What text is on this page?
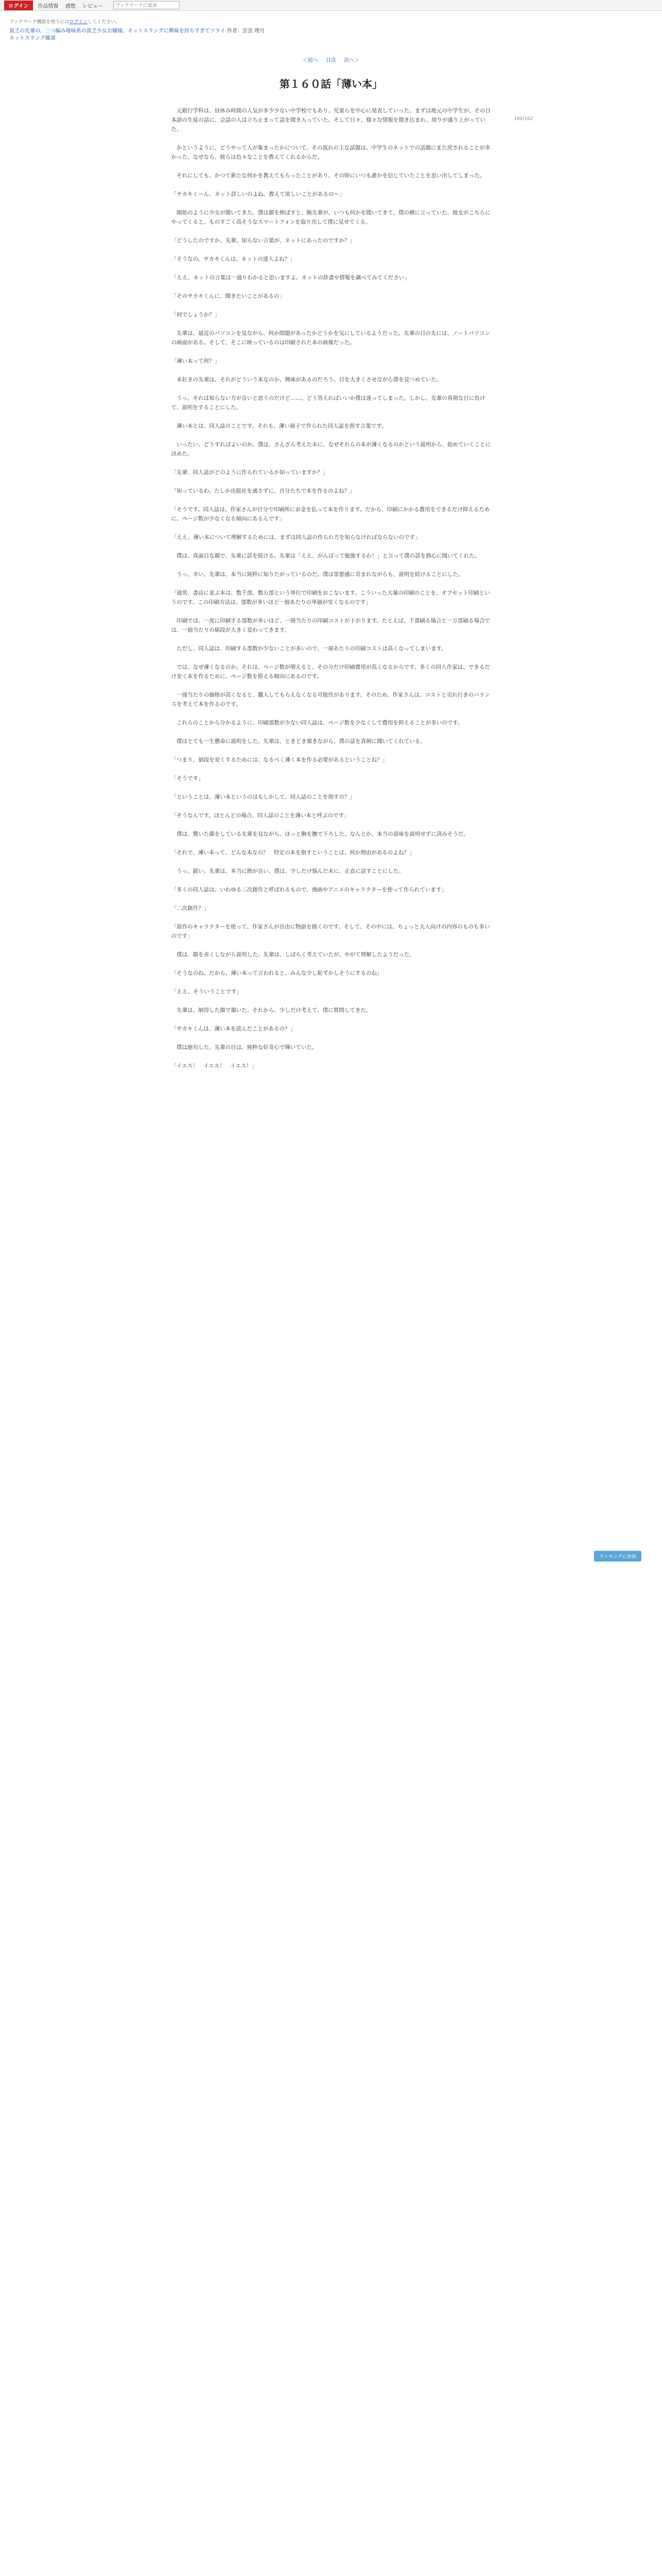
ログイン	作品情報 感想 レビュー
ブックマークに追加
ブックマーク機能を使うにはログインしてください。
貧乏の先輩の、三つ編み地味系の貧乏少女お嬢様。ネットスラングに興味を持ちすぎてツライ 作者：雲雲 理月
ネットスラング雑談
＜前へ 目次 次へ＞
160/162
第１６０話「薄い本」

　元銀行学科は、昼休み時間の人気が多少少ない中学校でもあり、児童らを中心に発表していった。まずは地元の中学生が、その日本語の生徒の話に、会話の人は立ち止まって話を聞き入っていた。そして日々、様々な情報を聞き込まれ、周りが盛り上がっていた。

　かというように、どうやって人が集まったかについて、その流れの主な話題は、中学生のネットでの話題にまた戻されることが多かった。なぜなら、彼らは色々なことを教えてくれるからだ。

　それにしても、かつて新たな何かを教えてもらったことがあり、その時にいつも誰かを信じていたことを思い出してしまった。

「サカキくーん。ネット詳しいのよね。教えて欲しいことがあるの～」

　開始のように少女が聞いてきた。僕は顔を伸ばすと、腕先輩が、いつも何かを聞いてきて、僕の横に立っていた。彼女がこちらにやってくると、ものすごく高そうなスマートフォンを取り出して僕に見せてくる。

「どうしたのですか、先輩。知らない言葉が、ネットにあったのですか？」

「そうなの。サカキくんは、ネットの達人よね？」

「ええ、ネットの言葉は一通りわかると思いますよ。ネットの辞書や情報を調べてみてください」

「そのサカキくんに、聞きたいことがあるの」

「何でしょうか？」

　先輩は、最近のパソコンを見ながら、何か問題があったかどうかを気にしているようだった。先輩の目の先には、ノートパソコンの画面がある。そして、そこに映っているのは印刷された本の画像だった。

「薄い本って何？」

　本好きの先輩は、それがどういう本なのか、興味があるのだろう。目を大きくさせながら僕を見つめていた。

　うっ。それは知らない方が良いと思うのだけど……。どう答えればいいか僕は迷ってしまった。しかし、先輩の真剣な目に負けて、説明をすることにした。

　薄い本とは、同人誌のことです。それも、薄い冊子で作られた同人誌を指す言葉です。

　いったい、どうすればよいのか。僕は、さんざん考えた末に、なぜそれらの本が薄くなるのかという説明から、始めていくことに決めた。

「先輩、同人誌がどのように作られているか知っていますか？」

「知っているわ。たしか出版社を通さずに、自分たちで本を作るのよね？」

「そうです。同人誌は、作家さんが自分で印刷所にお金を払って本を作ります。だから、印刷にかかる費用をできるだけ抑えるために、ページ数が少なくなる傾向にあるんです」

「ええ、薄い本について理解するためには、まずは同人誌の作られ方を知らなければならないのです」

　僕は、真面目な顔で、先輩に話を続ける。先輩は「ええ、がんばって勉強するわ！」と言って僕の話を熱心に聞いてくれた。

　うっ。辛い。先輩は、本当に純粋に知りたがっているのだ。僕は罪悪感に苛まれながらも、説明を続けることにした。

「通常、書店に並ぶ本は、数千部、数万部という単位で印刷をおこないます。こういった大量の印刷のことを、オフセット印刷というのです。この印刷方法は、部数が多いほど一冊あたりの単価が安くなるのです」

　印刷では、一度に印刷する部数が多いほど、一冊当たりの印刷コストが下がります。たとえば、千部刷る場合と一万部刷る場合では、一冊当たりの値段が大きく変わってきます。

　ただし、同人誌は、印刷する部数が少ないことが多いので、一冊あたりの印刷コストは高くなってしまいます。

　では、なぜ薄くなるのか。それは、ページ数が増えると、その分だけ印刷費用が高くなるからです。多くの同人作家は、できるだけ安く本を作るために、ページ数を抑える傾向にあるのです。

　一冊当たりの価格が高くなると、購入してもらえなくなる可能性があります。そのため、作家さんは、コストと売れ行きのバランスを考えて本を作るのです。

　これらのことから分かるように、印刷部数が少ない同人誌は、ページ数を少なくして費用を抑えることが多いのです。

　僕はとても一生懸命に説明をした。先輩は、ときどき頷きながら、僕の話を真剣に聞いてくれている。

「つまり、値段を安くするためには、なるべく薄く本を作る必要があるということね？」

「そうです」

「ということは、薄い本というのはもしかして、同人誌のことを指すの？」

「そうなんです。ほとんどの場合、同人誌のことを薄い本と呼ぶのです」

　僕は、驚いた顔をしている先輩を見ながら、ほっと胸を撫で下ろした。なんとか、本当の意味を説明せずに済みそうだ。

「それで、薄い本って、どんな本なの？　特定の本を指すということは、何か理由があるのよね？」

　うっ。鋭い。先輩は、本当に勘が良い。僕は、少しだけ悩んだ末に、正直に話すことにした。

「多くの同人誌は、いわゆる二次創作と呼ばれるもので、漫画やアニメのキャラクターを使って作られています」

「二次創作？」

「原作のキャラクターを使って、作家さんが自由に物語を描くのです。そして、その中には、ちょっと大人向けの内容のものも多いのです」

　僕は、顔を赤くしながら説明した。先輩は、しばらく考えていたが、やがて理解したようだった。

「そうなのね。だから、薄い本って言われると、みんな少し恥ずかしそうにするのね」

「ええ、そういうことです」

　先輩は、納得した顔で頷いた。それから、少しだけ考えて、僕に質問してきた。

「サカキくんは、薄い本を読んだことがあるの？」

　僕は絶句した。先輩の目は、純粋な好奇心で輝いていた。

「イエス！　イエス！　イエス！」

ランキングに参加
